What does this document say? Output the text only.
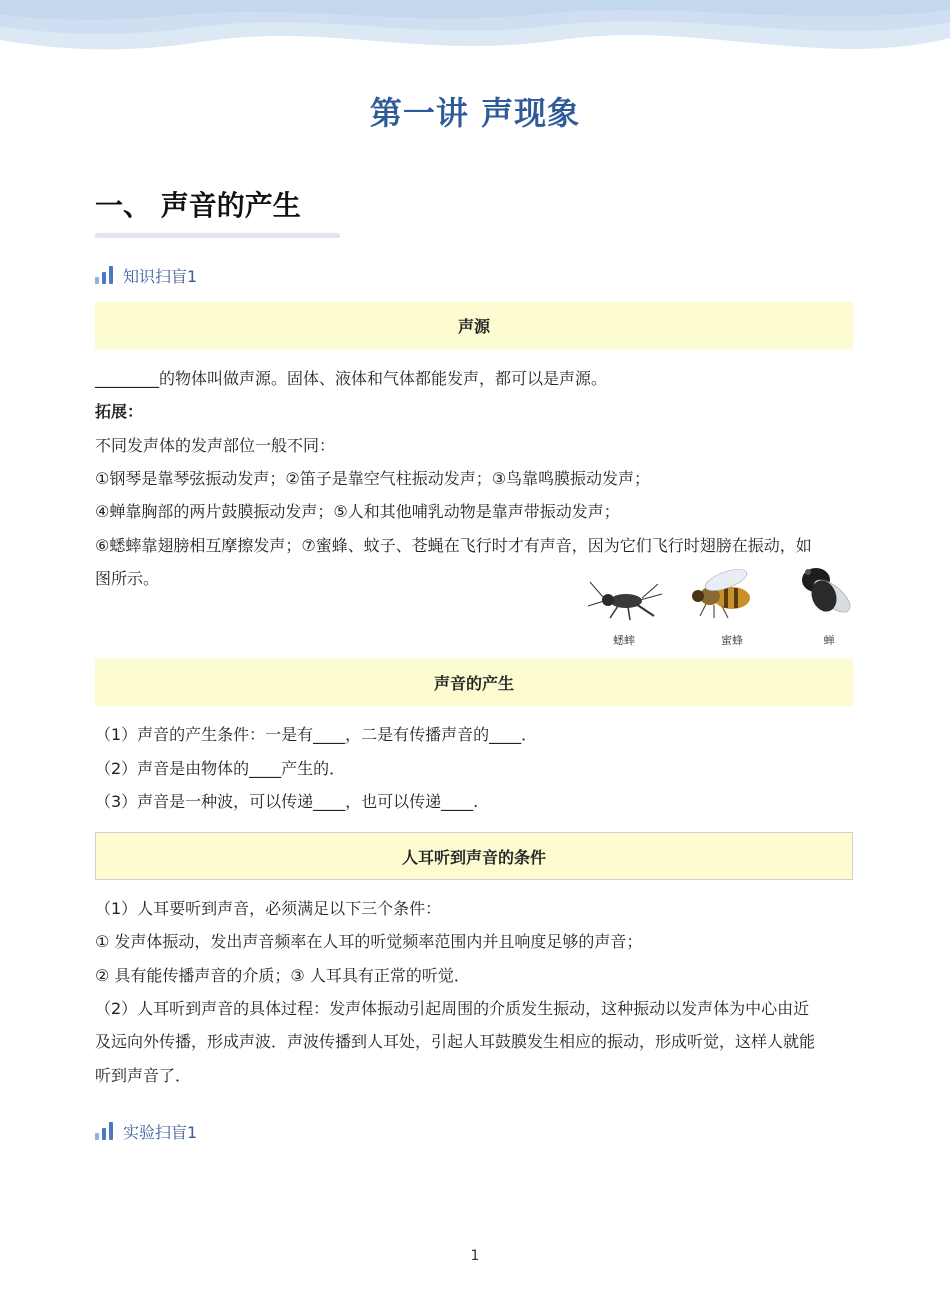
第一讲 声现象
一、 声音的产生
知识扫盲1
声源
________的物体叫做声源。固体、液体和气体都能发声，都可以是声源。
拓展：
不同发声体的发声部位一般不同：
①钢琴是靠琴弦振动发声；②笛子是靠空气柱振动发声；③鸟靠鸣膜振动发声；
④蝉靠胸部的两片鼓膜振动发声；⑤人和其他哺乳动物是靠声带振动发声；
⑥蟋蟀靠翅膀相互摩擦发声；⑦蜜蜂、蚊子、苍蝇在飞行时才有声音，因为它们飞行时翅膀在振动，如
图所示。
蟋蟀	蜜蜂	蝉
声音的产生
（1）声音的产生条件：一是有____，二是有传播声音的____．
（2）声音是由物体的____产生的．
（3）声音是一种波，可以传递____，也可以传递____.
人耳听到声音的条件
（1）人耳要听到声音，必须满足以下三个条件：
① 发声体振动，发出声音频率在人耳的听觉频率范围内并且响度足够的声音；
② 具有能传播声音的介质；③ 人耳具有正常的听觉．
（2）人耳听到声音的具体过程：发声体振动引起周围的介质发生振动，这种振动以发声体为中心由近
及远向外传播，形成声波．声波传播到人耳处，引起人耳鼓膜发生相应的振动，形成听觉，这样人就能
听到声音了．
实验扫盲1
1
